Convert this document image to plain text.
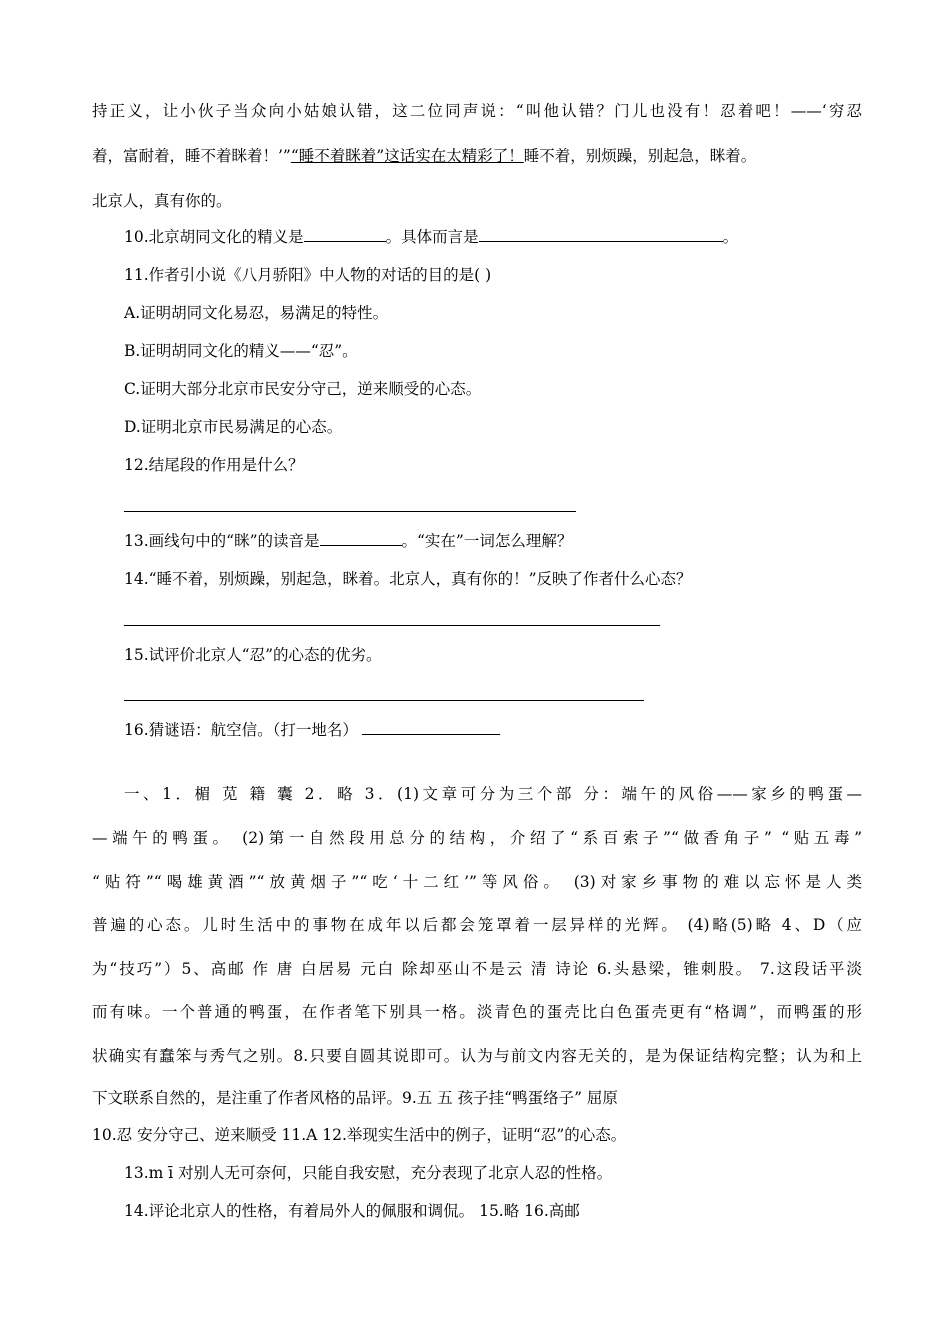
持正义，让小伙子当众向小姑娘认错，这二位同声说：“叫他认错？门儿也没有！忍着吧！——‘穷忍
着，富耐着，睡不着眯着！’”“睡不着眯着”这话实在太精彩了！睡不着，别烦躁，别起急，眯着。
北京人，真有你的。
10.北京胡同文化的精义是	。具体而言是	。
11.作者引小说《八月骄阳》中人物的对话的目的是( )
A.证明胡同文化易忍，易满足的特性。
B.证明胡同文化的精义——“忍”。
C.证明大部分北京市民安分守己，逆来顺受的心态。
D.证明北京市民易满足的心态。
12.结尾段的作用是什么？
13.画线句中的“眯”的读音是	。“实在”一词怎么理解？
14.“睡不着，别烦躁，别起急，眯着。北京人，真有你的！”反映了作者什么心态？
15.试评价北京人“忍”的心态的优劣。
16.猜谜语：航空信。（打一地名）
一、1．楣 苋 籍 囊 2．略 3．(1)文章可分为三个部 分：端午的风俗——家乡的鸭蛋—
—端午的鸭蛋。 (2)第一自然段用总分的结构，介绍了“系百索子”“做香角子” “贴五毒”
“贴符”“喝雄黄酒”“放黄烟子”“吃‘十二红’”等风俗。 (3)对家乡事物的难以忘怀是人类
普遍的心态。儿时生活中的事物在成年以后都会笼罩着一层异样的光辉。 (4)略(5)略 4、D（应
为“技巧”）5、高邮 作 唐 白居易 元白 除却巫山不是云 清 诗论 6.头悬梁，锥刺股。 7.这段话平淡
而有味。一个普通的鸭蛋，在作者笔下别具一格。淡青色的蛋壳比白色蛋壳更有“格调”，而鸭蛋的形
状确实有蠢笨与秀气之别。8.只要自圆其说即可。认为与前文内容无关的，是为保证结构完整；认为和上
下文联系自然的，是注重了作者风格的品评。9.五 五 孩子挂“鸭蛋络子” 屈原
10.忍 安分守己、逆来顺受 11.A 12.举现实生活中的例子，证明“忍”的心态。
13.m ī 对别人无可奈何，只能自我安慰，充分表现了北京人忍的性格。
14.评论北京人的性格，有着局外人的佩服和调侃。 15.略 16.高邮
